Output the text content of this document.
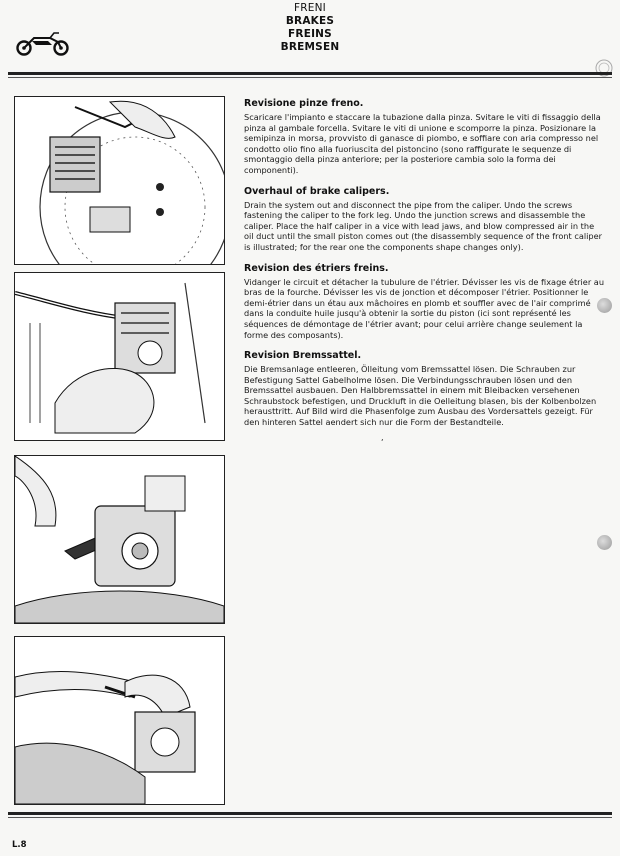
FRENI
BRAKES
FREINS
BREMSEN
Revisione pinze freno.
Scaricare l'impianto e staccare la tubazione dalla pinza. Svitare le viti di fissaggio della pinza al gambale forcella. Svitare le viti di unione e scomporre la pinza. Posizionare la semipinza in morsa, provvisto di ganasce di piombo, e soffiare con aria compresso nel condotto olio fino alla fuoriuscita del pistoncino (sono raffigurate le sequenze di smontaggio della pinza anteriore; per la posteriore cambia solo la forma dei componenti).
Overhaul of brake calipers.
Drain the system out and disconnect the pipe from the caliper. Undo the screws fastening the caliper to the fork leg. Undo the junction screws and disassemble the caliper. Place the half caliper in a vice with lead jaws, and blow compressed air in the oil duct until the small piston comes out (the disassembly sequence of the front caliper is illustrated; for the rear one the components shape changes only).
Revision des étriers freins.
Vidanger le circuit et détacher la tubulure de l'étrier. Dévisser les vis de fixage étrier au bras de la fourche. Dévisser les vis de jonction et décomposer l'étrier. Positionner le demi-étrier dans un étau aux mâchoires en plomb et souffler avec de l'air comprimé dans la conduite huile jusqu'à obtenir la sortie du piston (ici sont représenté les séquences de démontage de l'étrier avant; pour celui arrière change seulement la forme des composants).
Revision Bremssattel.
Die Bremsanlage entleeren, Ölleitung vom Bremssattel lösen. Die Schrauben zur Befestigung Sattel Gabelholme lösen. Die Verbindungsschrauben lösen und den Bremssattel ausbauen. Den Halbbremssattel in einem mit Bleibacken versehenen Schraubstock befestigen, und Druckluft in die Oelleitung blasen, bis der Kolbenbolzen herausttritt. Auf Bild wird die Phasenfolge zum Ausbau des Vordersattels gezeigt. Für den hinteren Sattel aendert sich nur die Form der Bestandteile.
,
L.8
